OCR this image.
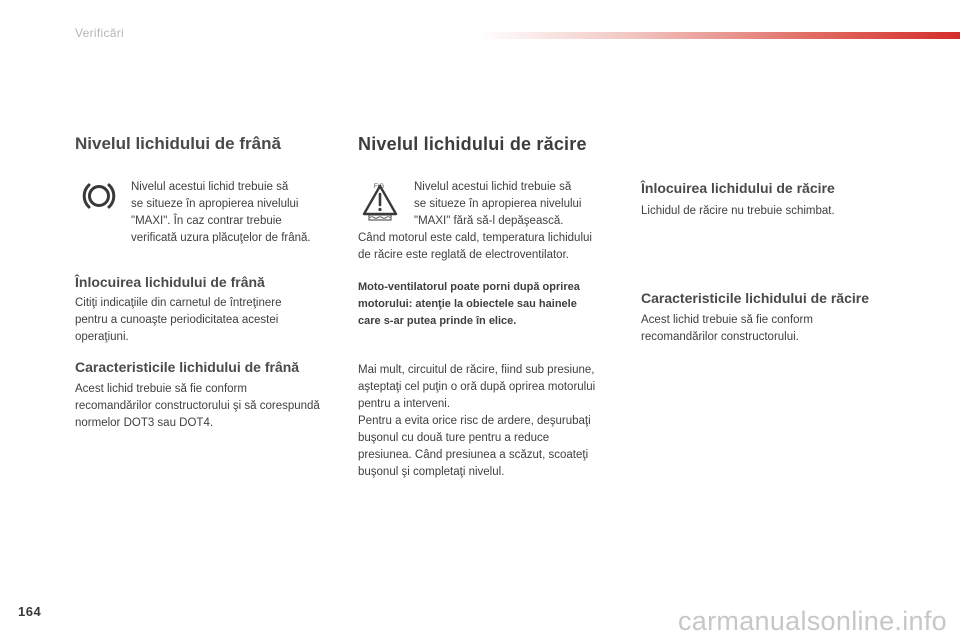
Verificări
Nivelul lichidului de frână
Nivelul acestui lichid trebuie să
se situeze în apropierea nivelului
"MAXI". În caz contrar trebuie
verificată uzura plăcuţelor de frână.
Înlocuirea lichidului de frână
Citiţi indicaţiile din carnetul de întreţinere
pentru a cunoaşte periodicitatea acestei
operaţiuni.
Caracteristicile lichidului de frână
Acest lichid trebuie să fie conform
recomandărilor constructorului şi să corespundă
normelor DOT3 sau DOT4.
Nivelul lichidului de răcire
F/G	Nivelul acestui lichid trebuie să
se situeze în apropierea nivelului
"MAXI" fără să-l depăşească.
Când motorul este cald, temperatura lichidului
de răcire este reglată de electroventilator.
Moto-ventilatorul poate porni după oprirea
motorului: atenţie la obiectele sau hainele
care s-ar putea prinde în elice.
Mai mult, circuitul de răcire, fiind sub presiune,
aşteptaţi cel puţin o oră după oprirea motorului
pentru a interveni.
Pentru a evita orice risc de ardere, deşurubaţi
buşonul cu două ture pentru a reduce
presiunea. Când presiunea a scăzut, scoateţi
buşonul şi completaţi nivelul.
Înlocuirea lichidului de răcire
Lichidul de răcire nu trebuie schimbat.
Caracteristicile lichidului de răcire
Acest lichid trebuie să fie conform
recomandărilor constructorului.
164	carmanualsonline.info
